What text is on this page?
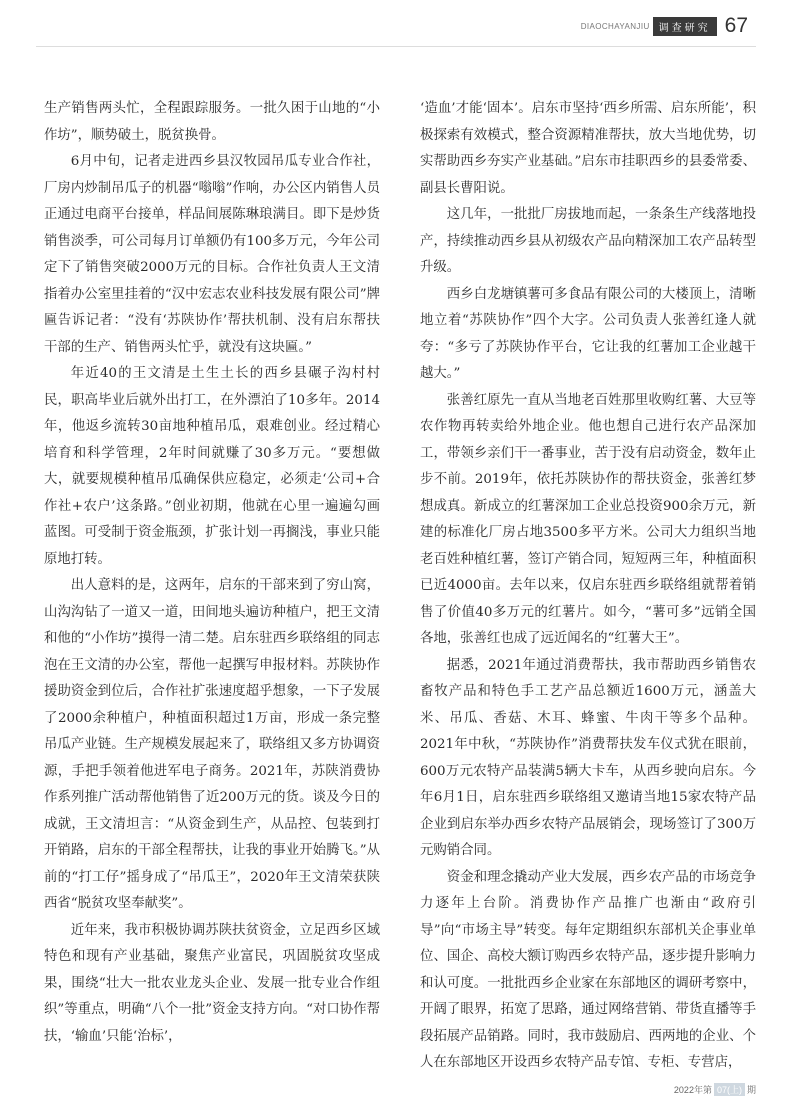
DIAOCHAYANJIU 调查研究 67

生产销售两头忙，全程跟踪服务。一批久困于山地的“小作坊”，顺势破土，脱贫换骨。

6月中旬，记者走进西乡县汉牧园吊瓜专业合作社，厂房内炒制吊瓜子的机器“嗡嗡”作响，办公区内销售人员正通过电商平台接单，样品间展陈琳琅满目。即下是炒货销售淡季，可公司每月订单额仍有100多万元，今年公司定下了销售突破2000万元的目标。合作社负责人王文清指着办公室里挂着的“汉中宏志农业科技发展有限公司”牌匾告诉记者：“没有‘苏陕协作’帮扶机制、没有启东帮扶干部的生产、销售两头忙乎，就没有这块匾。”

年近40的王文清是土生土长的西乡县碾子沟村村民，职高毕业后就外出打工，在外漂泊了10多年。2014年，他返乡流转30亩地种植吊瓜，艰难创业。经过精心培育和科学管理，2年时间就赚了30多万元。“要想做大，就要规模种植吊瓜确保供应稳定，必须走‘公司+合作社+农户’这条路。”创业初期，他就在心里一遍遍勾画蓝图。可受制于资金瓶颈，扩张计划一再搁浅，事业只能原地打转。

出人意料的是，这两年，启东的干部来到了穷山窝，山沟沟钻了一道又一道，田间地头遍访种植户，把王文清和他的“小作坊”摸得一清二楚。启东驻西乡联络组的同志泡在王文清的办公室，帮他一起撰写申报材料。苏陕协作援助资金到位后，合作社扩张速度超乎想象，一下子发展了2000余种植户，种植面积超过1万亩，形成一条完整吊瓜产业链。生产规模发展起来了，联络组又多方协调资源，手把手领着他进军电子商务。2021年，苏陕消费协作系列推广活动帮他销售了近200万元的货。谈及今日的成就，王文清坦言：“从资金到生产，从品控、包装到打开销路，启东的干部全程帮扶，让我的事业开始腾飞。”从前的“打工仔”摇身成了“吊瓜王”，2020年王文清荣获陕西省“脱贫攻坚奉献奖”。

近年来，我市积极协调苏陕扶贫资金，立足西乡区域特色和现有产业基础，聚焦产业富民，巩固脱贫攻坚成果，围绕“壮大一批农业龙头企业、发展一批专业合作组织”等重点，明确“八个一批”资金支持方向。“对口协作帮扶，‘输血’只能‘治标’，

‘造血’才能‘固本’。启东市坚持‘西乡所需、启东所能’，积极探索有效模式，整合资源精准帮扶，放大当地优势，切实帮助西乡夯实产业基础。”启东市挂职西乡的县委常委、副县长曹阳说。

这几年，一批批厂房拔地而起，一条条生产线落地投产，持续推动西乡县从初级农产品向精深加工农产品转型升级。

西乡白龙塘镇薯可多食品有限公司的大楼顶上，清晰地立着“苏陕协作”四个大字。公司负责人张善红逢人就夸：“多亏了苏陕协作平台，它让我的红薯加工企业越干越大。”

张善红原先一直从当地老百姓那里收购红薯、大豆等农作物再转卖给外地企业。他也想自己进行农产品深加工，带领乡亲们干一番事业，苦于没有启动资金，数年止步不前。2019年，依托苏陕协作的帮扶资金，张善红梦想成真。新成立的红薯深加工企业总投资900余万元，新建的标准化厂房占地3500多平方米。公司大力组织当地老百姓种植红薯，签订产销合同，短短两三年，种植面积已近4000亩。去年以来，仅启东驻西乡联络组就帮着销售了价值40多万元的红薯片。如今，“薯可多”远销全国各地，张善红也成了远近闻名的“红薯大王”。

据悉，2021年通过消费帮扶，我市帮助西乡销售农畜牧产品和特色手工艺产品总额近1600万元，涵盖大米、吊瓜、香菇、木耳、蜂蜜、牛肉干等多个品种。2021年中秋，“苏陕协作”消费帮扶发车仪式犹在眼前，600万元农特产品装满5辆大卡车，从西乡驶向启东。今年6月1日，启东驻西乡联络组又邀请当地15家农特产品企业到启东举办西乡农特产品展销会，现场签订了300万元购销合同。

资金和理念撬动产业大发展，西乡农产品的市场竞争力逐年上台阶。消费协作产品推广也渐由“政府引导”向“市场主导”转变。每年定期组织东部机关企事业单位、国企、高校大额订购西乡农特产品，逐步提升影响力和认可度。一批批西乡企业家在东部地区的调研考察中，开阔了眼界，拓宽了思路，通过网络营销、带货直播等手段拓展产品销路。同时，我市鼓励启、西两地的企业、个人在东部地区开设西乡农特产品专馆、专柜、专营店，

2022年 第 07(上) 期
